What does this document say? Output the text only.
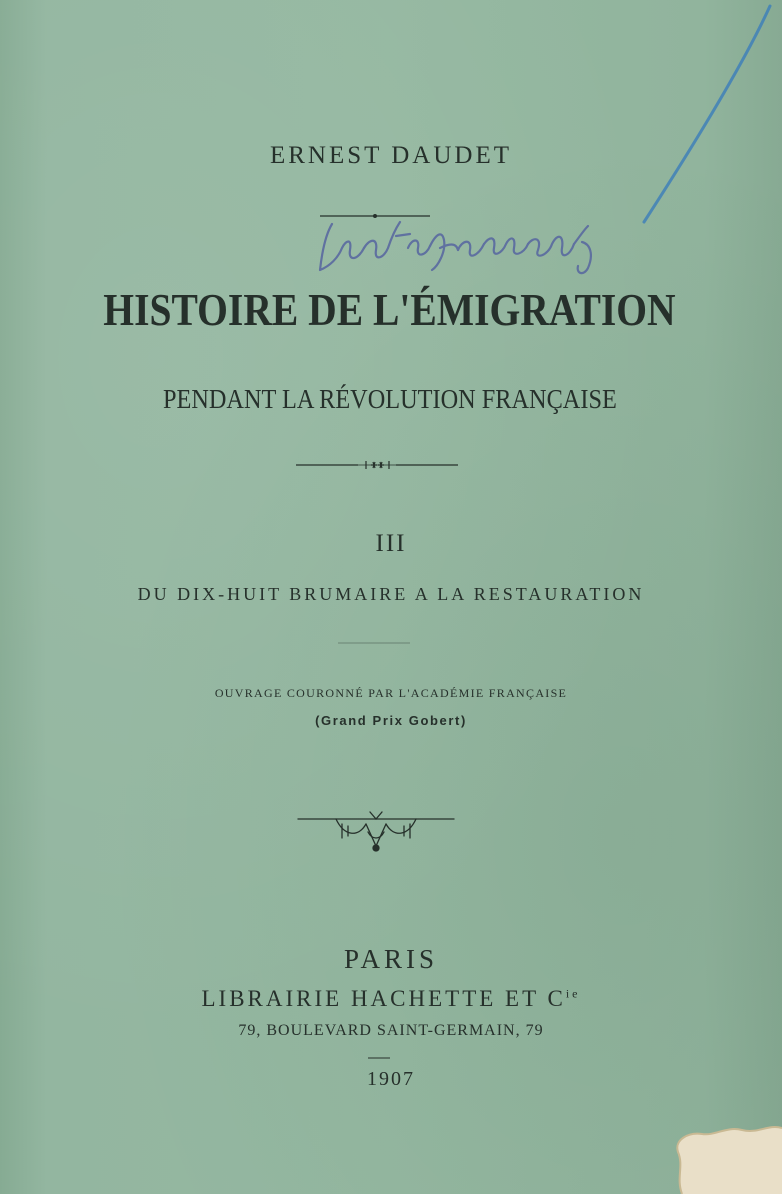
ERNEST DAUDET
HISTOIRE DE L'ÉMIGRATION
PENDANT LA RÉVOLUTION FRANÇAISE
III
DU DIX-HUIT BRUMAIRE A LA RESTAURATION
OUVRAGE COURONNÉ PAR L'ACADÉMIE FRANÇAISE
(Grand Prix Gobert)
PARIS
LIBRAIRIE HACHETTE ET $C^{ie}$
79, BOULEVARD SAINT-GERMAIN, 79
1907
